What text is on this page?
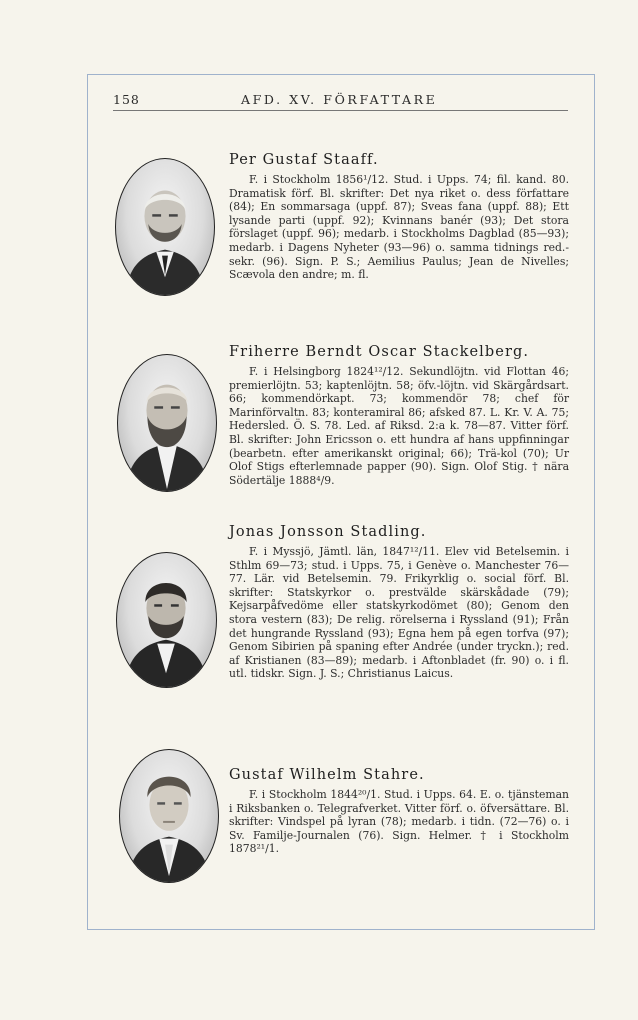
158	AFD. XV. FÖRFATTARE
Per Gustaf Staaff.
F. i Stockholm 1856¹/12. Stud. i Upps. 74; fil. kand. 80. Dramatisk förf. Bl. skrifter: Det nya riket o. dess författare (84); En sommarsaga (uppf. 87); Sveas fana (uppf. 88); Ett lysande parti (uppf. 92); Kvinnans banér (93); Det stora förslaget (uppf. 96); medarb. i Stockholms Dagblad (85—93); medarb. i Dagens Nyheter (93—96) o. samma tidnings red.-sekr. (96). Sign. P. S.; Aemilius Paulus; Jean de Nivelles; Scævola den andre; m. fl.
Friherre Berndt Oscar Stackelberg.
F. i Helsingborg 1824¹²/12. Sekundlöjtn. vid Flottan 46; premierlöjtn. 53; kaptenlöjtn. 58; öfv.-löjtn. vid Skärgårdsart. 66; kommendörkapt. 73; kommendör 78; chef för Marinförvaltn. 83; konteramiral 86; afsked 87. L. Kr. V. A. 75; Hedersled. Ö. S. 78. Led. af Riksd. 2:a k. 78—87. Vitter förf. Bl. skrifter: John Ericsson o. ett hundra af hans uppfinningar (bearbetn. efter amerikanskt original; 66); Trä-kol (70); Ur Olof Stigs efterlemnade papper (90). Sign. Olof Stig. † nära Södertälje 1888⁴/9.
Jonas Jonsson Stadling.
F. i Myssjö, Jämtl. län, 1847¹²/11. Elev vid Betelsemin. i Sthlm 69—73; stud. i Upps. 75, i Genève o. Manchester 76—77. Lär. vid Betelsemin. 79. Frikyrklig o. social förf. Bl. skrifter: Statskyrkor o. prestvälde skärskådade (79); Kejsarpåfvedöme eller statskyrkodömet (80); Genom den stora vestern (83); De relig. rörelserna i Ryssland (91); Från det hungrande Ryssland (93); Egna hem på egen torfva (97); Genom Sibirien på spaning efter Andrée (under tryckn.); red. af Kristianen (83—89); medarb. i Aftonbladet (fr. 90) o. i fl. utl. tidskr. Sign. J. S.; Christianus Laicus.
Gustaf Wilhelm Stahre.
F. i Stockholm 1844²⁰/1. Stud. i Upps. 64. E. o. tjänsteman i Riksbanken o. Telegrafverket. Vitter förf. o. öfversättare. Bl. skrifter: Vindspel på lyran (78); medarb. i tidn. (72—76) o. i Sv. Familje-Journalen (76). Sign. Helmer. † i Stockholm 1878²¹/1.
